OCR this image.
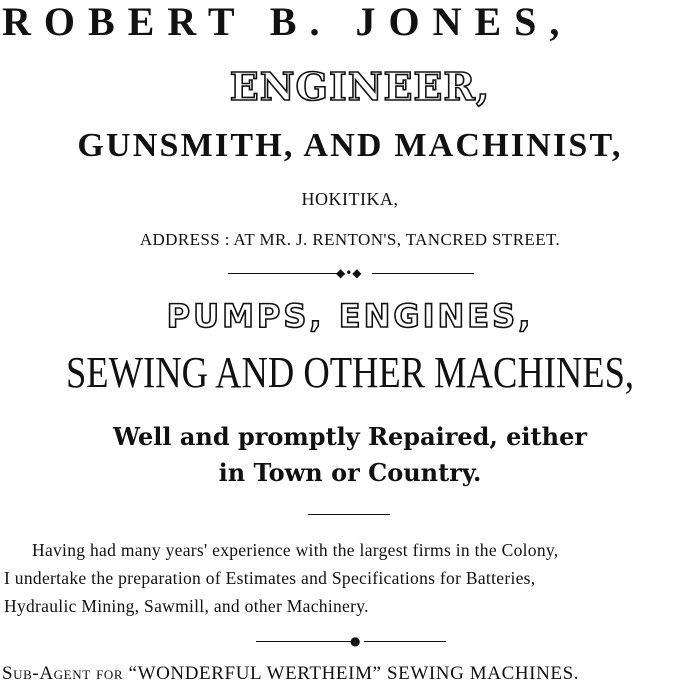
ROBERT B. JONES,
ENGINEER,
GUNSMITH, AND MACHINIST,
HOKITIKA,
ADDRESS : AT MR. J. RENTON'S, TANCRED STREET.
◆•◆
PUMPS, ENGINES,
SEWING AND OTHER MACHINES,
Well and promptly Repaired, either
in Town or Country.
Having had many years' experience with the largest firms in the Colony,
I undertake the preparation of Estimates and Specifications for Batteries,
Hydraulic Mining, Sawmill, and other Machinery.
●
Sub-Agent for “WONDERFUL WERTHEIM” SEWING MACHINES.
